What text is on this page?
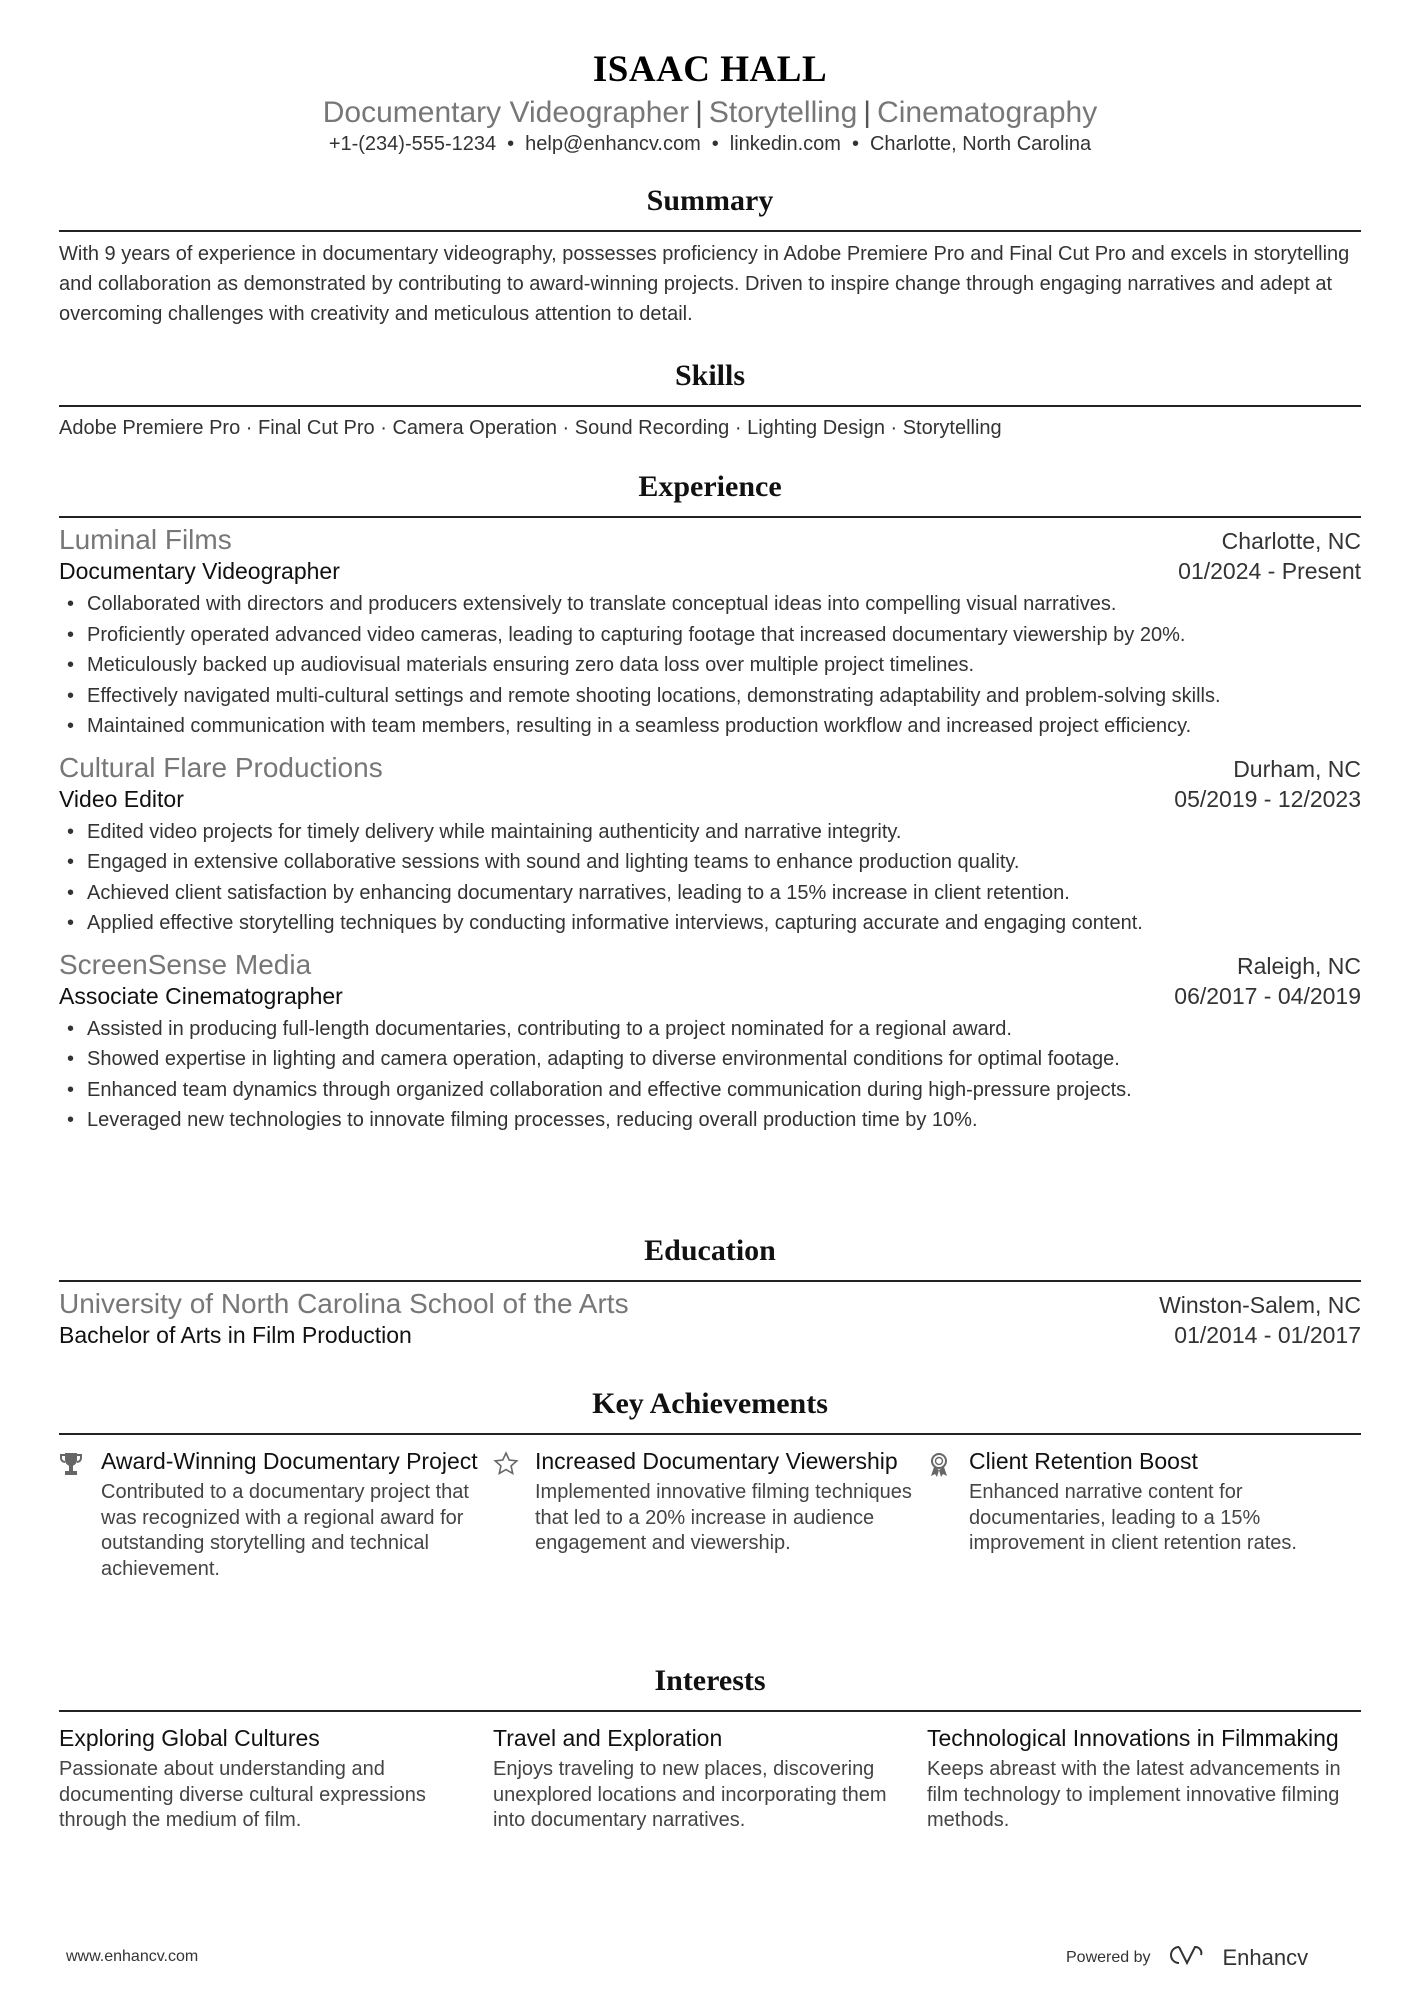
ISAAC HALL
Documentary Videographer | Storytelling | Cinematography
+1-(234)-555-1234 • help@enhancv.com • linkedin.com • Charlotte, North Carolina
Summary
With 9 years of experience in documentary videography, possesses proficiency in Adobe Premiere Pro and Final Cut Pro and excels in storytelling and collaboration as demonstrated by contributing to award-winning projects. Driven to inspire change through engaging narratives and adept at overcoming challenges with creativity and meticulous attention to detail.
Skills
Adobe Premiere Pro · Final Cut Pro · Camera Operation · Sound Recording · Lighting Design · Storytelling
Experience
Luminal Films	Charlotte, NC
Documentary Videographer	01/2024 - Present
• Collaborated with directors and producers extensively to translate conceptual ideas into compelling visual narratives.
• Proficiently operated advanced video cameras, leading to capturing footage that increased documentary viewership by 20%.
• Meticulously backed up audiovisual materials ensuring zero data loss over multiple project timelines.
• Effectively navigated multi-cultural settings and remote shooting locations, demonstrating adaptability and problem-solving skills.
• Maintained communication with team members, resulting in a seamless production workflow and increased project efficiency.
Cultural Flare Productions	Durham, NC
Video Editor	05/2019 - 12/2023
• Edited video projects for timely delivery while maintaining authenticity and narrative integrity.
• Engaged in extensive collaborative sessions with sound and lighting teams to enhance production quality.
• Achieved client satisfaction by enhancing documentary narratives, leading to a 15% increase in client retention.
• Applied effective storytelling techniques by conducting informative interviews, capturing accurate and engaging content.
ScreenSense Media	Raleigh, NC
Associate Cinematographer	06/2017 - 04/2019
• Assisted in producing full-length documentaries, contributing to a project nominated for a regional award.
• Showed expertise in lighting and camera operation, adapting to diverse environmental conditions for optimal footage.
• Enhanced team dynamics through organized collaboration and effective communication during high-pressure projects.
• Leveraged new technologies to innovate filming processes, reducing overall production time by 10%.
Education
University of North Carolina School of the Arts	Winston-Salem, NC
Bachelor of Arts in Film Production	01/2014 - 01/2017
Key Achievements
Award-Winning Documentary Project
Contributed to a documentary project that was recognized with a regional award for outstanding storytelling and technical achievement.
Increased Documentary Viewership
Implemented innovative filming techniques that led to a 20% increase in audience engagement and viewership.
Client Retention Boost
Enhanced narrative content for documentaries, leading to a 15% improvement in client retention rates.
Interests
Exploring Global Cultures
Passionate about understanding and documenting diverse cultural expressions through the medium of film.
Travel and Exploration
Enjoys traveling to new places, discovering unexplored locations and incorporating them into documentary narratives.
Technological Innovations in Filmmaking
Keeps abreast with the latest advancements in film technology to implement innovative filming methods.
www.enhancv.com	Powered by	Enhancv
